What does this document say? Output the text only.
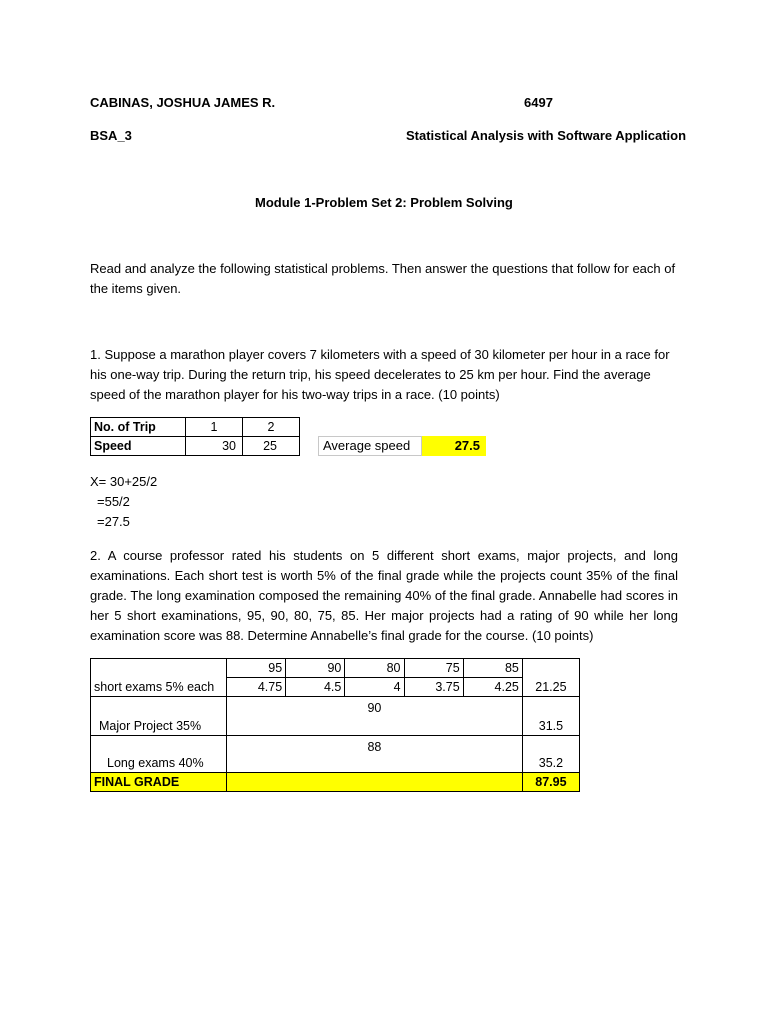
CABINAS, JOSHUA JAMES R.	6497
BSA_3	Statistical Analysis with Software Application
Module 1-Problem Set 2: Problem Solving
Read and analyze the following statistical problems. Then answer the questions that follow for each of the items given.
1. Suppose a marathon player covers 7 kilometers with a speed of 30 kilometer per hour in a race for his one-way trip. During the return trip, his speed decelerates to 25 km per hour. Find the average speed of the marathon player for his two-way trips in a race. (10 points)
No. of Trip	1	2
Speed	30	25	Average speed	27.5
X= 30+25/2
=55/2
=27.5
2. A course professor rated his students on 5 different short exams, major projects, and long examinations. Each short test is worth 5% of the final grade while the projects count 35% of the final grade. The long examination composed the remaining 40% of the final grade. Annabelle had scores in her 5 short examinations, 95, 90, 80, 75, 85. Her major projects had a rating of 90 while her long examination score was 88. Determine Annabelle’s final grade for the course. (10 points)
short exams 5% each	95	90	80	75	85	21.25
	4.75	4.5	4	3.75	4.25	
Major Project 35%	90					31.5
Long exams 40%	88					35.2
FINAL GRADE						87.95
